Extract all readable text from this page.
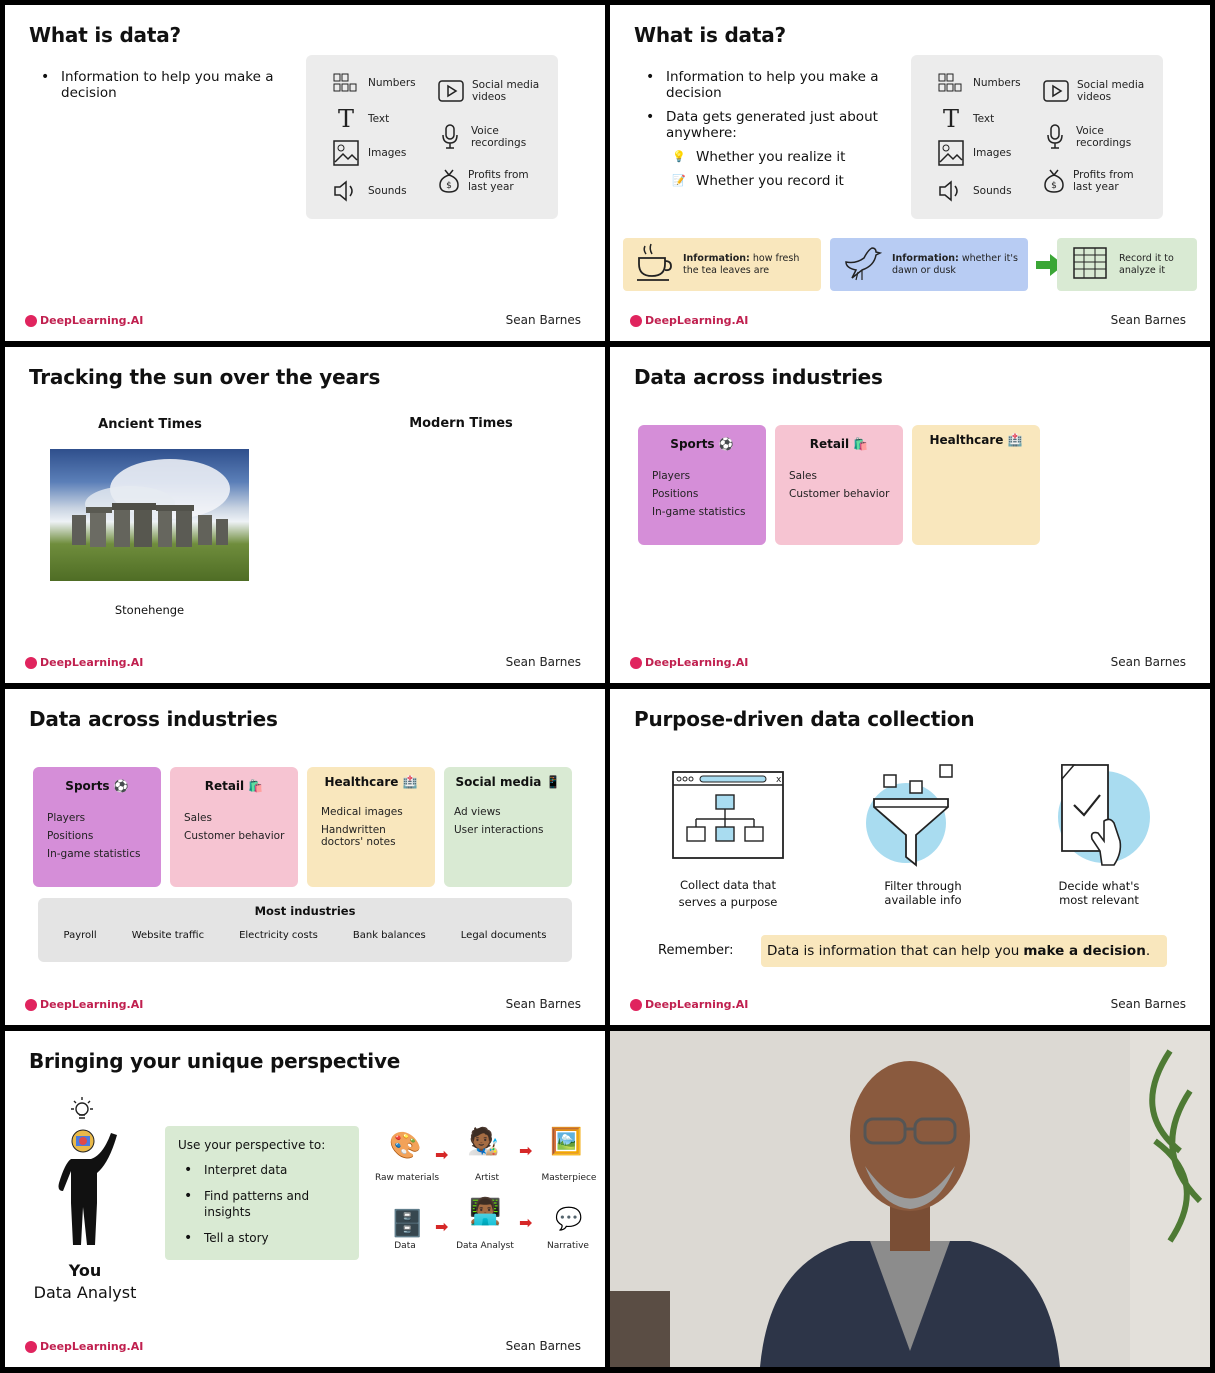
What is data?
• Information to help you make a decision
Numbers
T	Text
Images
Sounds
Social media videos
Voice recordings
$
Profits from last year
DeepLearning.AI	Sean Barnes
What is data?
• Information to help you make a decision
• Data gets generated just about anywhere:
💡 Whether you realize it
📝 Whether you record it
Numbers
T	Text
Images
Sounds
Social media videos
Voice recordings
$
Profits from last year
Information: how fresh the tea leaves are
Information: whether it's dawn or dusk
Record it to analyze it
DeepLearning.AI	Sean Barnes
Tracking the sun over the years
Ancient Times	Modern Times
Stonehenge
DeepLearning.AI	Sean Barnes
Data across industries
Sports ⚽
Players
Positions
In-game statistics
Retail 🛍️
Sales
Customer behavior
Healthcare 🏥
DeepLearning.AI	Sean Barnes
Data across industries
Sports ⚽
Players
Positions
In-game statistics
Retail 🛍️
Sales
Customer behavior
Healthcare 🏥
Medical images
Handwritten doctors' notes
Social media 📱
Ad views
User interactions
Most industries
Payroll	Website traffic	Electricity costs	Bank balances	Legal documents
DeepLearning.AI	Sean Barnes
Purpose-driven data collection
x
Collect data that serves a purpose
Filter through available info
Decide what's most relevant
Remember: Data is information that can help you make a decision .
DeepLearning.AI	Sean Barnes
Bringing your unique perspective
You
Data Analyst
Use your perspective to:
• Interpret data
• Find patterns and insights
• Tell a story
🎨 ➡ 🧑🏾‍🎨 ➡ 🖼️
Raw materials	Artist	Masterpiece
🗄️ ➡ 👨🏾‍💻 ➡ 💬
Data	Data Analyst	Narrative
DeepLearning.AI	Sean Barnes
